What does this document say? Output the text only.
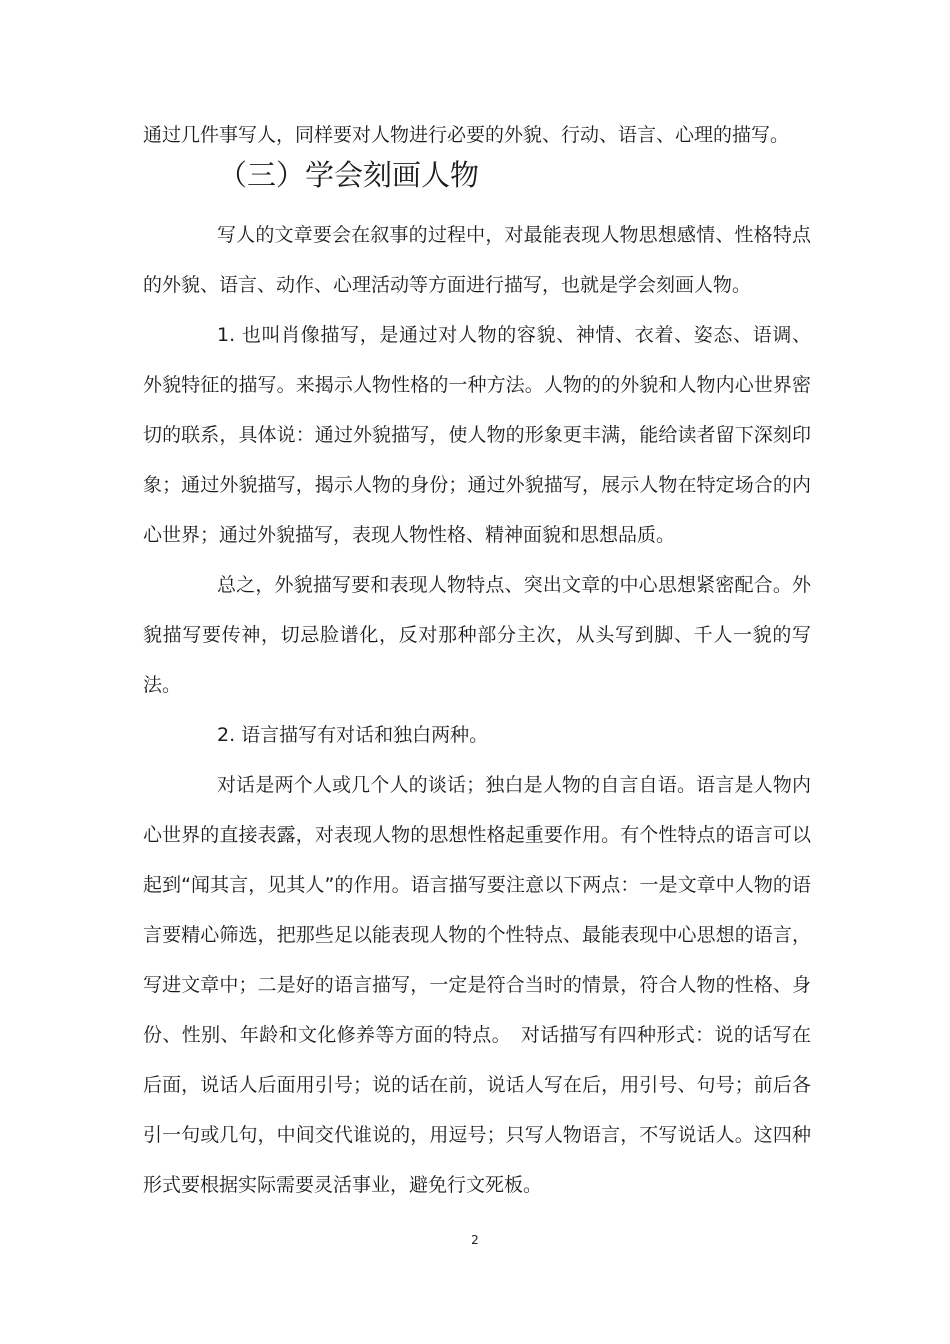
通过几件事写人，同样要对人物进行必要的外貌、行动、语言、心理的描写。

（三）学会刻画人物

写人的文章要会在叙事的过程中，对最能表现人物思想感情、性格特点的外貌、语言、动作、心理活动等方面进行描写，也就是学会刻画人物。

1. 也叫肖像描写，是通过对人物的容貌、神情、衣着、姿态、语调、外貌特征的描写。来揭示人物性格的一种方法。人物的的外貌和人物内心世界密切的联系，具体说：通过外貌描写，使人物的形象更丰满，能给读者留下深刻印象；通过外貌描写，揭示人物的身份；通过外貌描写，展示人物在特定场合的内心世界；通过外貌描写，表现人物性格、精神面貌和思想品质。

总之，外貌描写要和表现人物特点、突出文章的中心思想紧密配合。外貌描写要传神，切忌脸谱化，反对那种部分主次，从头写到脚、千人一貌的写法。

2. 语言描写有对话和独白两种。

对话是两个人或几个人的谈话；独白是人物的自言自语。语言是人物内心世界的直接表露，对表现人物的思想性格起重要作用。有个性特点的语言可以起到“闻其言，见其人”的作用。语言描写要注意以下两点：一是文章中人物的语言要精心筛选，把那些足以能表现人物的个性特点、最能表现中心思想的语言，写进文章中；二是好的语言描写，一定是符合当时的情景，符合人物的性格、身份、性别、年龄和文化修养等方面的特点。　对话描写有四种形式：说的话写在后面，说话人后面用引号；说的话在前，说话人写在后，用引号、句号；前后各引一句或几句，中间交代谁说的，用逗号；只写人物语言，不写说话人。这四种形式要根据实际需要灵活事业，避免行文死板。

2
